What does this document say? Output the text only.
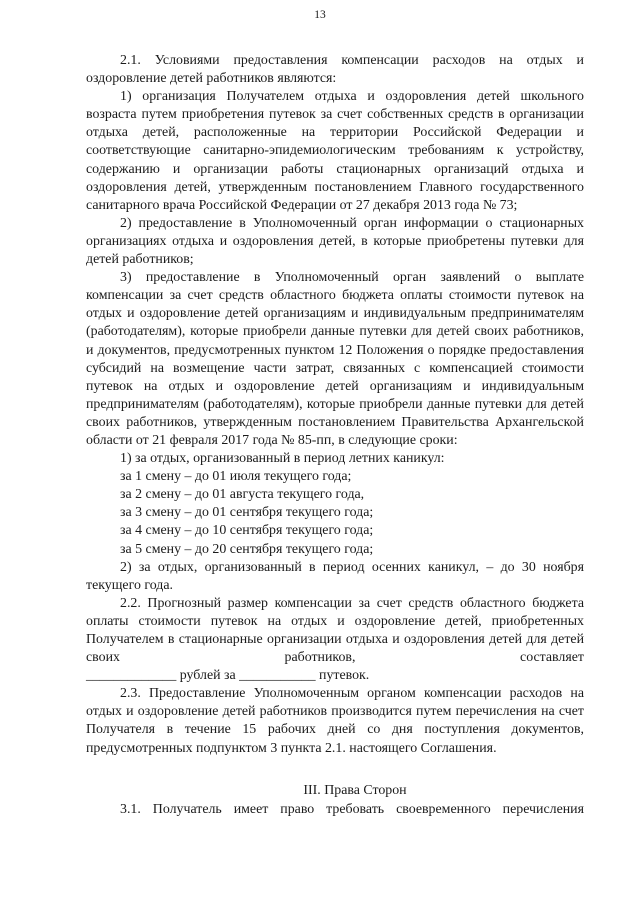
13

2.1. Условиями предоставления компенсации расходов на отдых и оздоровление детей работников являются:

1) организация Получателем отдыха и оздоровления детей школьного возраста путем приобретения путевок за счет собственных средств в организации отдыха детей, расположенные на территории Российской Федерации и соответствующие санитарно-эпидемиологическим требованиям к устройству, содержанию и организации работы стационарных организаций отдыха и оздоровления детей, утвержденным постановлением Главного государственного санитарного врача Российской Федерации от 27 декабря 2013 года № 73;

2) предоставление в Уполномоченный орган информации о стационарных организациях отдыха и оздоровления детей, в которые приобретены путевки для детей работников;

3) предоставление в Уполномоченный орган заявлений о выплате компенсации за счет средств областного бюджета оплаты стоимости путевок на отдых и оздоровление детей организациям и индивидуальным предпринимателям (работодателям), которые приобрели данные путевки для детей своих работников, и документов, предусмотренных пунктом 12 Положения о порядке предоставления субсидий на возмещение части затрат, связанных с компенсацией стоимости путевок на отдых и оздоровление детей организациям и индивидуальным предпринимателям (работодателям), которые приобрели данные путевки для детей своих работников, утвержденным постановлением Правительства Архангельской области от 21 февраля 2017 года № 85-пп, в следующие сроки:

1) за отдых, организованный в период летних каникул:

за 1 смену – до 01 июля текущего года;

за 2 смену – до 01 августа текущего года,

за 3 смену – до 01 сентября текущего года;

за 4 смену – до 10 сентября текущего года;

за 5 смену – до 20 сентября текущего года;

2) за отдых, организованный в период осенних каникул, – до 30 ноября текущего года.

2.2. Прогнозный размер компенсации за счет средств областного бюджета оплаты стоимости путевок на отдых и оздоровление детей, приобретенных Получателем в стационарные организации отдыха и оздоровления детей для детей своих работников, составляет

_____________ рублей за ___________ путевок.

2.3. Предоставление Уполномоченным органом компенсации расходов на отдых и оздоровление детей работников производится путем перечисления на счет Получателя в течение 15 рабочих дней со дня поступления документов, предусмотренных подпунктом 3 пункта 2.1. настоящего Соглашения.

III. Права Сторон

3.1. Получатель имеет право требовать своевременного перечисления
